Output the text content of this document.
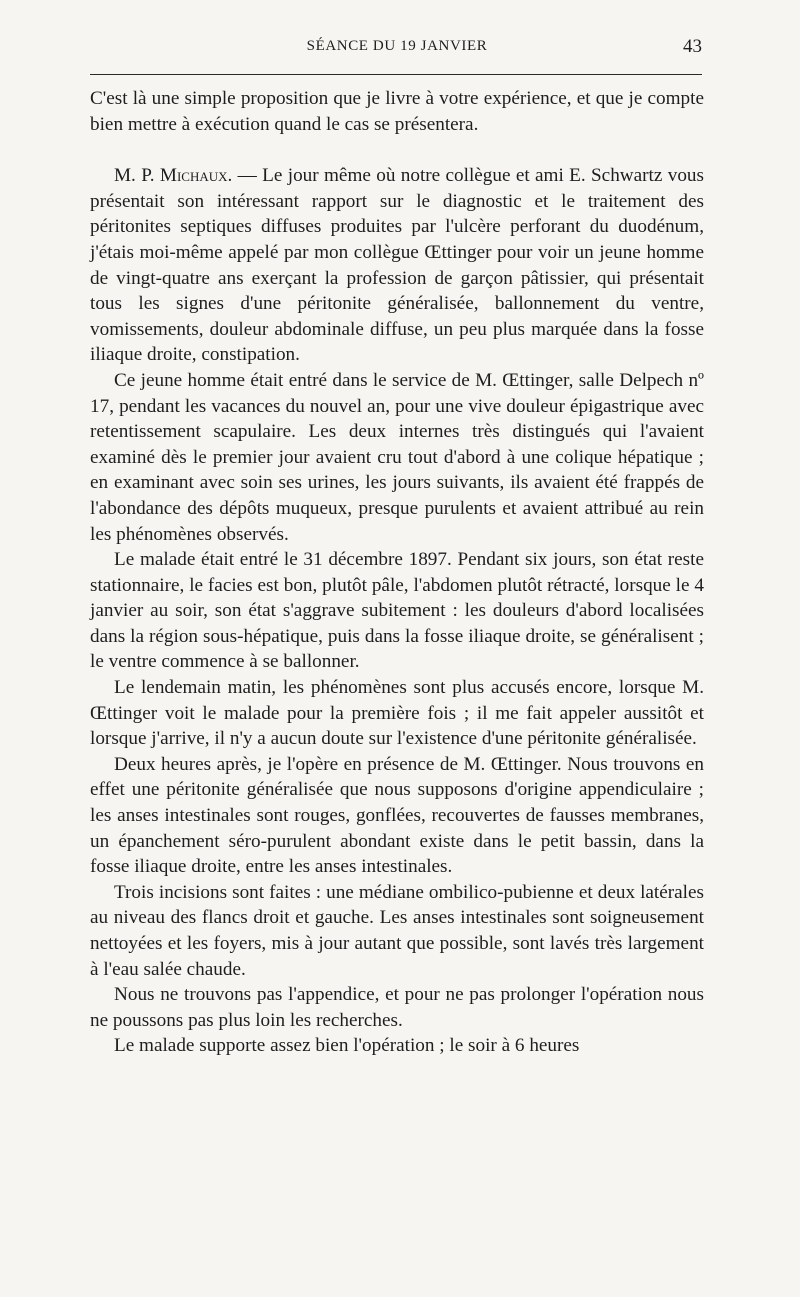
SÉANCE DU 19 JANVIER	43

C'est là une simple proposition que je livre à votre expérience, et que je compte bien mettre à exécution quand le cas se présentera.

M. P. Michaux. — Le jour même où notre collègue et ami E. Schwartz vous présentait son intéressant rapport sur le diagnostic et le traitement des péritonites septiques diffuses produites par l'ulcère perforant du duodénum, j'étais moi-même appelé par mon collègue Œttinger pour voir un jeune homme de vingt-quatre ans exerçant la profession de garçon pâtissier, qui présentait tous les signes d'une péritonite généralisée, ballonnement du ventre, vomissements, douleur abdominale diffuse, un peu plus marquée dans la fosse iliaque droite, constipation.

Ce jeune homme était entré dans le service de M. Œttinger, salle Delpech nº 17, pendant les vacances du nouvel an, pour une vive douleur épigastrique avec retentissement scapulaire. Les deux internes très distingués qui l'avaient examiné dès le premier jour avaient cru tout d'abord à une colique hépatique ; en examinant avec soin ses urines, les jours suivants, ils avaient été frappés de l'abondance des dépôts muqueux, presque purulents et avaient attribué au rein les phénomènes observés.

Le malade était entré le 31 décembre 1897. Pendant six jours, son état reste stationnaire, le facies est bon, plutôt pâle, l'abdomen plutôt rétracté, lorsque le 4 janvier au soir, son état s'aggrave subitement : les douleurs d'abord localisées dans la région sous-hépatique, puis dans la fosse iliaque droite, se généralisent ; le ventre commence à se ballonner.

Le lendemain matin, les phénomènes sont plus accusés encore, lorsque M. Œttinger voit le malade pour la première fois ; il me fait appeler aussitôt et lorsque j'arrive, il n'y a aucun doute sur l'existence d'une péritonite généralisée.

Deux heures après, je l'opère en présence de M. Œttinger. Nous trouvons en effet une péritonite généralisée que nous supposons d'origine appendiculaire ; les anses intestinales sont rouges, gonflées, recouvertes de fausses membranes, un épanchement séro-purulent abondant existe dans le petit bassin, dans la fosse iliaque droite, entre les anses intestinales.

Trois incisions sont faites : une médiane ombilico-pubienne et deux latérales au niveau des flancs droit et gauche. Les anses intestinales sont soigneusement nettoyées et les foyers, mis à jour autant que possible, sont lavés très largement à l'eau salée chaude.

Nous ne trouvons pas l'appendice, et pour ne pas prolonger l'opération nous ne poussons pas plus loin les recherches.

Le malade supporte assez bien l'opération ; le soir à 6 heures
